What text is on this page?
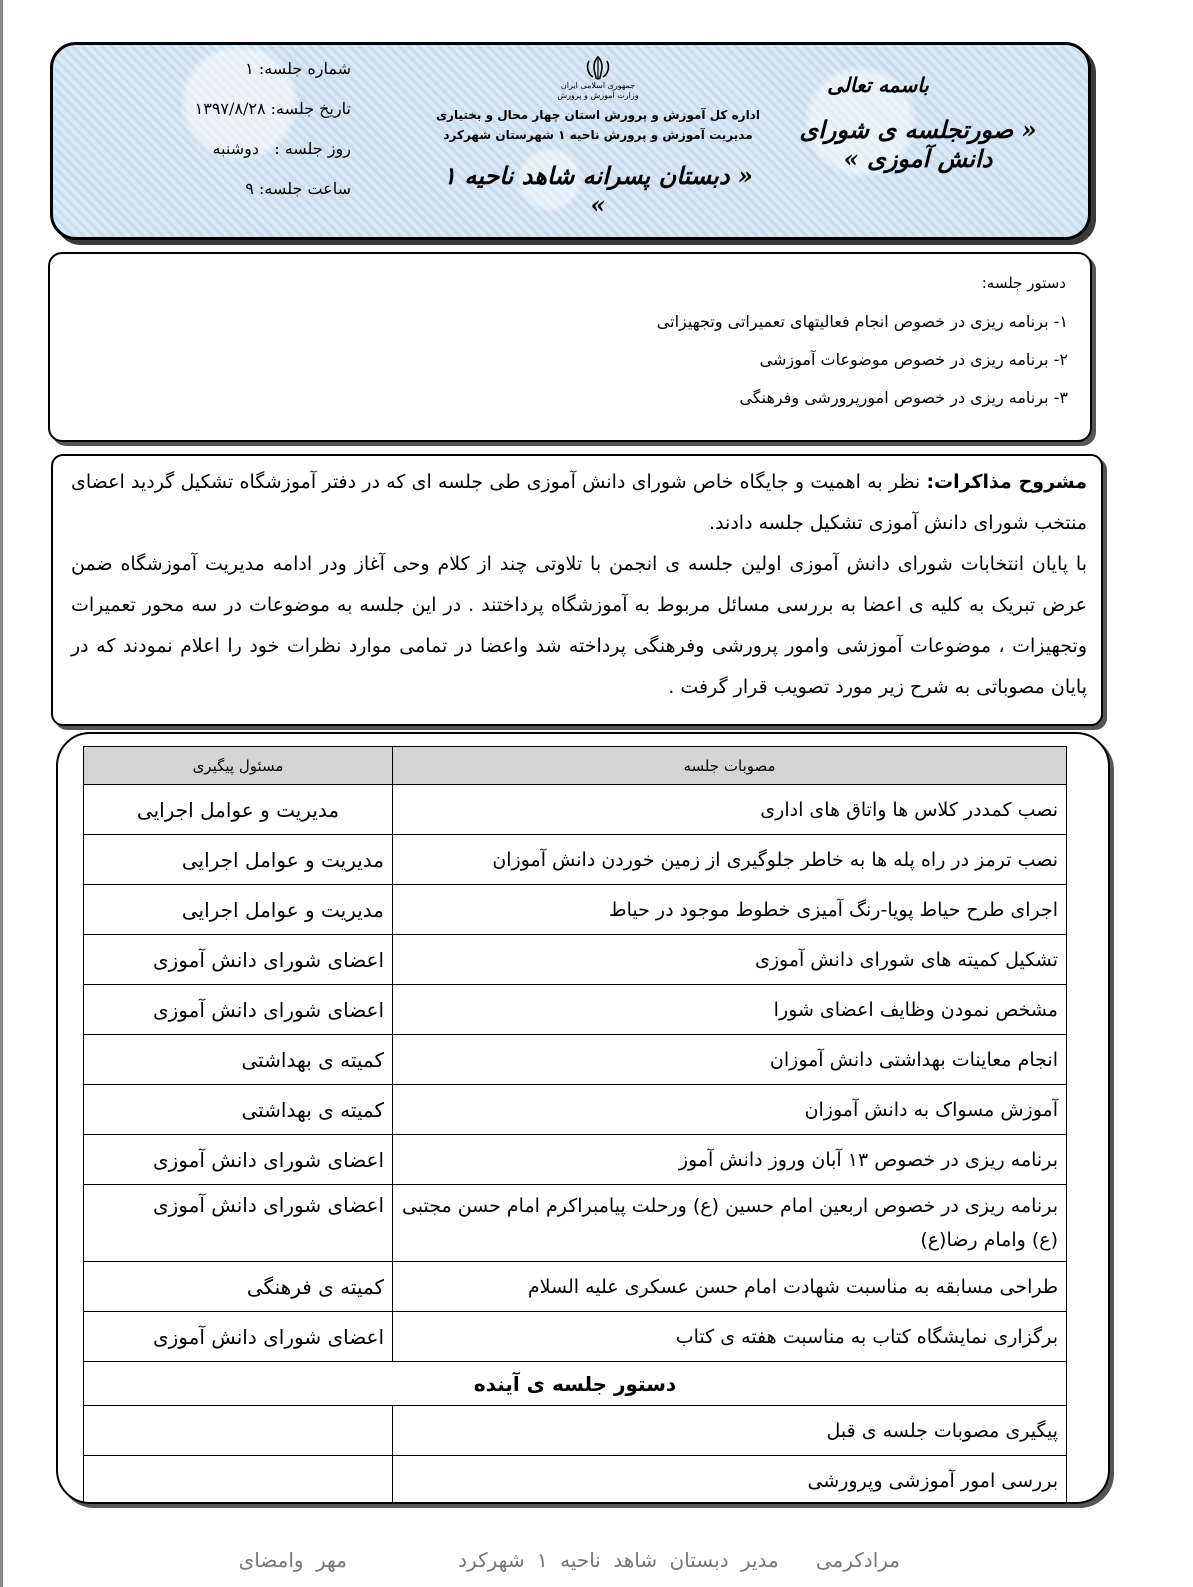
شماره جلسه: ۱
تاریخ جلسه: ۱۳۹۷/۸/۲۸
روز جلسه :   دوشنبه
ساعت جلسه: ۹
جمهوری اسلامی ایران
وزارت آموزش و پرورش
اداره کل آموزش و پرورش استان چهار محال و بختیاری
مدیریت آموزش و پرورش ناحیه ۱ شهرستان شهرکرد
« دبستان پسرانه شاهد ناحیه ۱ »
باسمه تعالی
« صورتجلسه ی شورای دانش آموزی »
دستور جلسه:
۱- برنامه ریزی در خصوص انجام فعالیتهای تعمیراتی وتجهیزاتی
۲- برنامه ریزی در خصوص موضوعات آموزشی
۳- برنامه ریزی در خصوص امورپرورشی وفرهنگی
مشروح مذاکرات: نظر به اهمیت و جایگاه خاص شورای دانش آموزی طی جلسه ای که در دفتر آموزشگاه تشکیل گردید اعضای منتخب شورای دانش آموزی تشکیل جلسه دادند.
با پایان انتخابات شورای دانش آموزی اولین جلسه ی انجمن با تلاوتی چند از کلام وحی آغاز ودر ادامه مدیریت آموزشگاه ضمن عرض تبریک به کلیه ی اعضا به بررسی مسائل مربوط به آموزشگاه پرداختند . در این جلسه به موضوعات در سه محور تعمیرات وتجهیزات ، موضوعات آموزشی وامور پرورشی وفرهنگی پرداخته شد واعضا در تمامی موارد نظرات خود را اعلام نمودند که در پایان مصوباتی به شرح زیر مورد تصویب قرار گرفت .
مصوبات جلسه	مسئول پیگیری
نصب کمددر کلاس ها واتاق های اداری	مدیریت و عوامل اجرایی
نصب ترمز در راه پله ها به خاطر جلوگیری از زمین خوردن دانش آموزان	مدیریت و عوامل اجرایی
اجرای طرح حیاط پویا-رنگ آمیزی خطوط موجود در حیاط	مدیریت و عوامل اجرایی
تشکیل کمیته های شورای دانش آموزی	اعضای شورای دانش آموزی
مشخص نمودن وظایف اعضای شورا	اعضای شورای دانش آموزی
انجام معاینات بهداشتی دانش آموزان	کمیته ی بهداشتی
آموزش مسواک به دانش آموزان	کمیته ی بهداشتی
برنامه ریزی در خصوص ۱۳ آبان وروز دانش آموز	اعضای شورای دانش آموزی
برنامه ریزی در خصوص اربعین امام حسین (ع) ورحلت پیامبراکرم امام حسن مجتبی (ع) وامام رضا(ع)	اعضای شورای دانش آموزی
طراحی مسابقه به مناسبت شهادت امام حسن عسکری علیه السلام	کمیته ی فرهنگی
برگزاری نمایشگاه کتاب به مناسبت هفته ی کتاب	اعضای شورای دانش آموزی
دستور جلسه ی آینده	
پیگیری مصوبات جلسه ی قبل	
بررسی امور آموزشی وپرورشی	
مرادکرمی   مدیر دبستان شاهد ناحیه ۱ شهرکرد         مهر وامضای
